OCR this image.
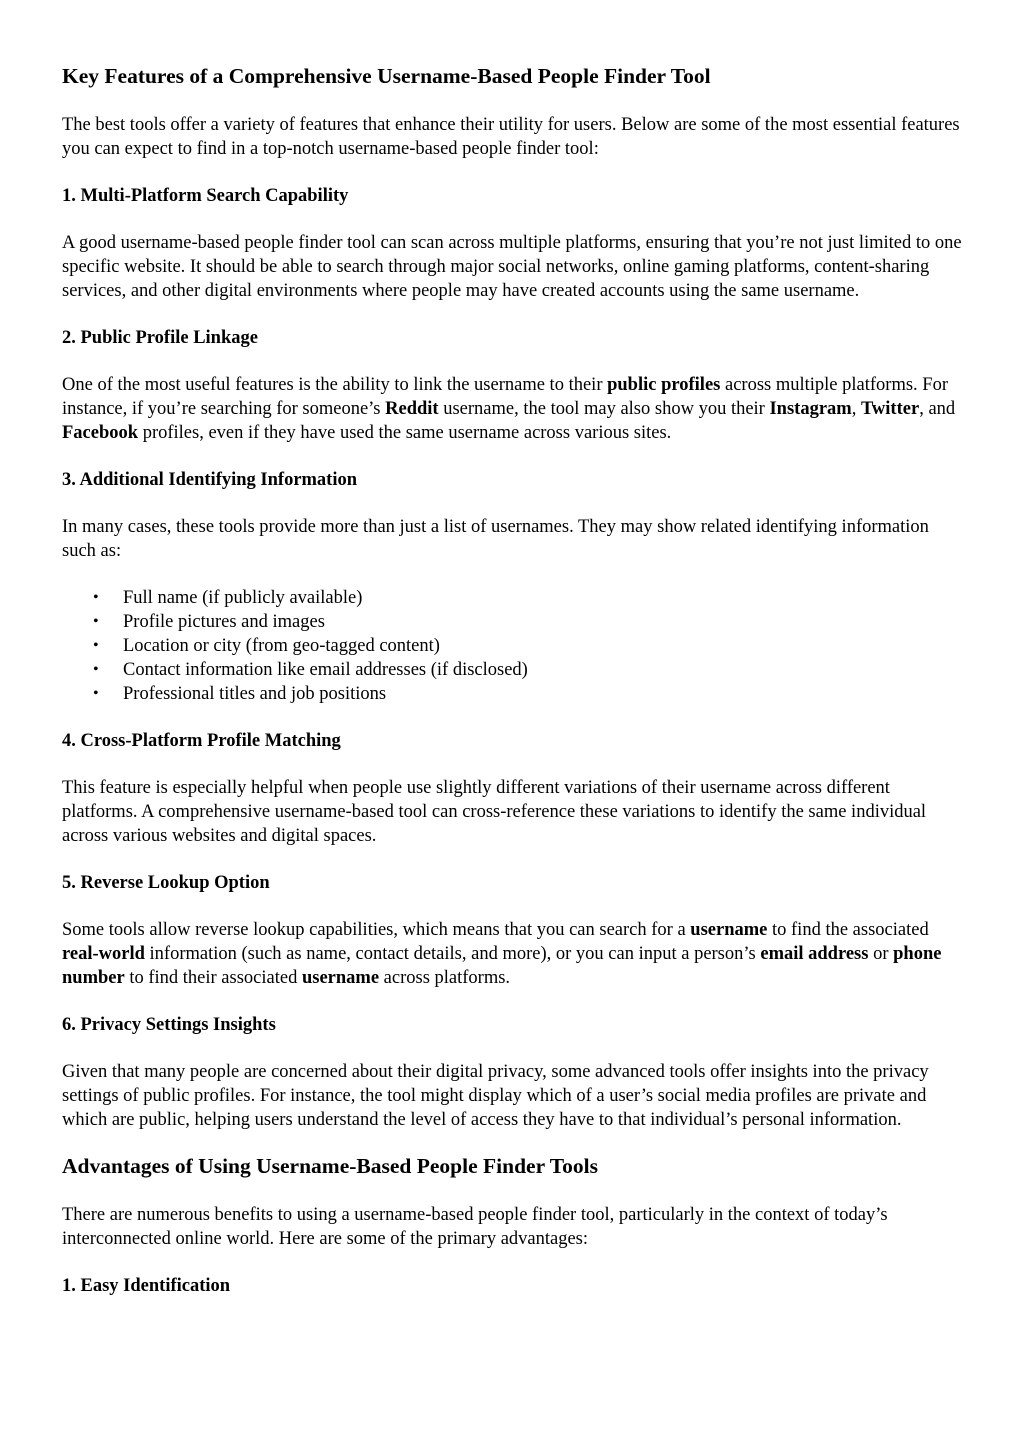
Key Features of a Comprehensive Username-Based People Finder Tool

The best tools offer a variety of features that enhance their utility for users. Below are some of the most essential features you can expect to find in a top-notch username-based people finder tool:

1. Multi-Platform Search Capability

A good username-based people finder tool can scan across multiple platforms, ensuring that you’re not just limited to one specific website. It should be able to search through major social networks, online gaming platforms, content-sharing services, and other digital environments where people may have created accounts using the same username.

2. Public Profile Linkage

One of the most useful features is the ability to link the username to their public profiles across multiple platforms. For instance, if you’re searching for someone’s Reddit username, the tool may also show you their Instagram, Twitter, and Facebook profiles, even if they have used the same username across various sites.

3. Additional Identifying Information

In many cases, these tools provide more than just a list of usernames. They may show related identifying information such as:

• Full name (if publicly available)
• Profile pictures and images
• Location or city (from geo-tagged content)
• Contact information like email addresses (if disclosed)
• Professional titles and job positions
4. Cross-Platform Profile Matching

This feature is especially helpful when people use slightly different variations of their username across different platforms. A comprehensive username-based tool can cross-reference these variations to identify the same individual across various websites and digital spaces.

5. Reverse Lookup Option

Some tools allow reverse lookup capabilities, which means that you can search for a username to find the associated real-world information (such as name, contact details, and more), or you can input a person’s email address or phone number to find their associated username across platforms.

6. Privacy Settings Insights

Given that many people are concerned about their digital privacy, some advanced tools offer insights into the privacy settings of public profiles. For instance, the tool might display which of a user’s social media profiles are private and which are public, helping users understand the level of access they have to that individual’s personal information.

Advantages of Using Username-Based People Finder Tools

There are numerous benefits to using a username-based people finder tool, particularly in the context of today’s interconnected online world. Here are some of the primary advantages:

1. Easy Identification
